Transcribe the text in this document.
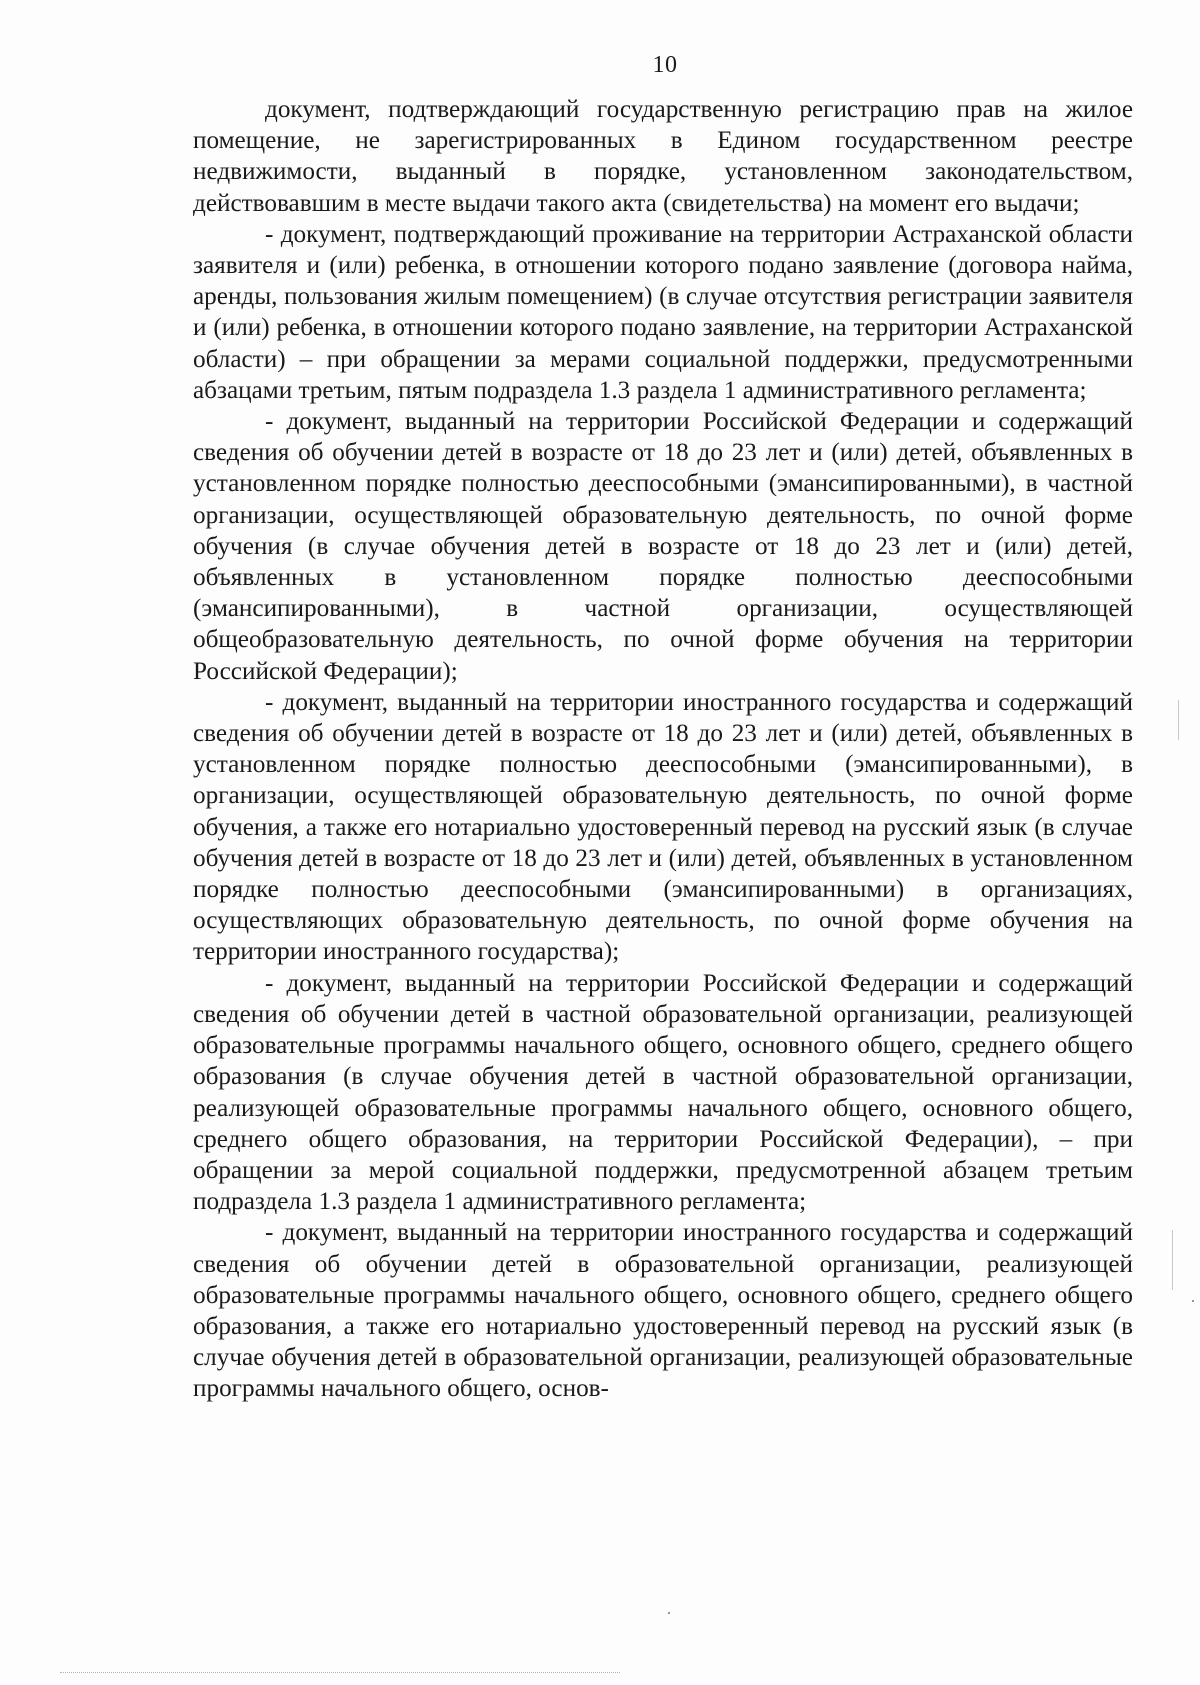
10

документ, подтверждающий государственную регистрацию прав на жилое помещение, не зарегистрированных в Едином государственном реестре недвижимости, выданный в порядке, установленном законодательством, действовавшим в месте выдачи такого акта (свидетельства) на момент его выдачи;

- документ, подтверждающий проживание на территории Астраханской области заявителя и (или) ребенка, в отношении которого подано заявление (договора найма, аренды, пользования жилым помещением) (в случае отсутствия регистрации заявителя и (или) ребенка, в отношении которого подано заявление, на территории Астраханской области) – при обращении за мерами социальной поддержки, предусмотренными абзацами третьим, пятым подраздела 1.3 раздела 1 административного регламента;

- документ, выданный на территории Российской Федерации и содержащий сведения об обучении детей в возрасте от 18 до 23 лет и (или) детей, объявленных в установленном порядке полностью дееспособными (эмансипированными), в частной организации, осуществляющей образовательную деятельность, по очной форме обучения (в случае обучения детей в возрасте от 18 до 23 лет и (или) детей, объявленных в установленном порядке полностью дееспособными (эмансипированными), в частной организации, осуществляющей общеобразовательную деятельность, по очной форме обучения на территории Российской Федерации);

- документ, выданный на территории иностранного государства и содержащий сведения об обучении детей в возрасте от 18 до 23 лет и (или) детей, объявленных в установленном порядке полностью дееспособными (эмансипированными), в организации, осуществляющей образовательную деятельность, по очной форме обучения, а также его нотариально удостоверенный перевод на русский язык (в случае обучения детей в возрасте от 18 до 23 лет и (или) детей, объявленных в установленном порядке полностью дееспособными (эмансипированными) в организациях, осуществляющих образовательную деятельность, по очной форме обучения на территории иностранного государства);

- документ, выданный на территории Российской Федерации и содержащий сведения об обучении детей в частной образовательной организации, реализующей образовательные программы начального общего, основного общего, среднего общего образования (в случае обучения детей в частной образовательной организации, реализующей образовательные программы начального общего, основного общего, среднего общего образования, на территории Российской Федерации), – при обращении за мерой социальной поддержки, предусмотренной абзацем третьим подраздела 1.3 раздела 1 административного регламента;

- документ, выданный на территории иностранного государства и содержащий сведения об обучении детей в образовательной организации, реализующей образовательные программы начального общего, основного общего, среднего общего образования, а также его нотариально удостоверенный перевод на русский язык (в случае обучения детей в образовательной организации, реализующей образовательные программы начального общего, основ-
